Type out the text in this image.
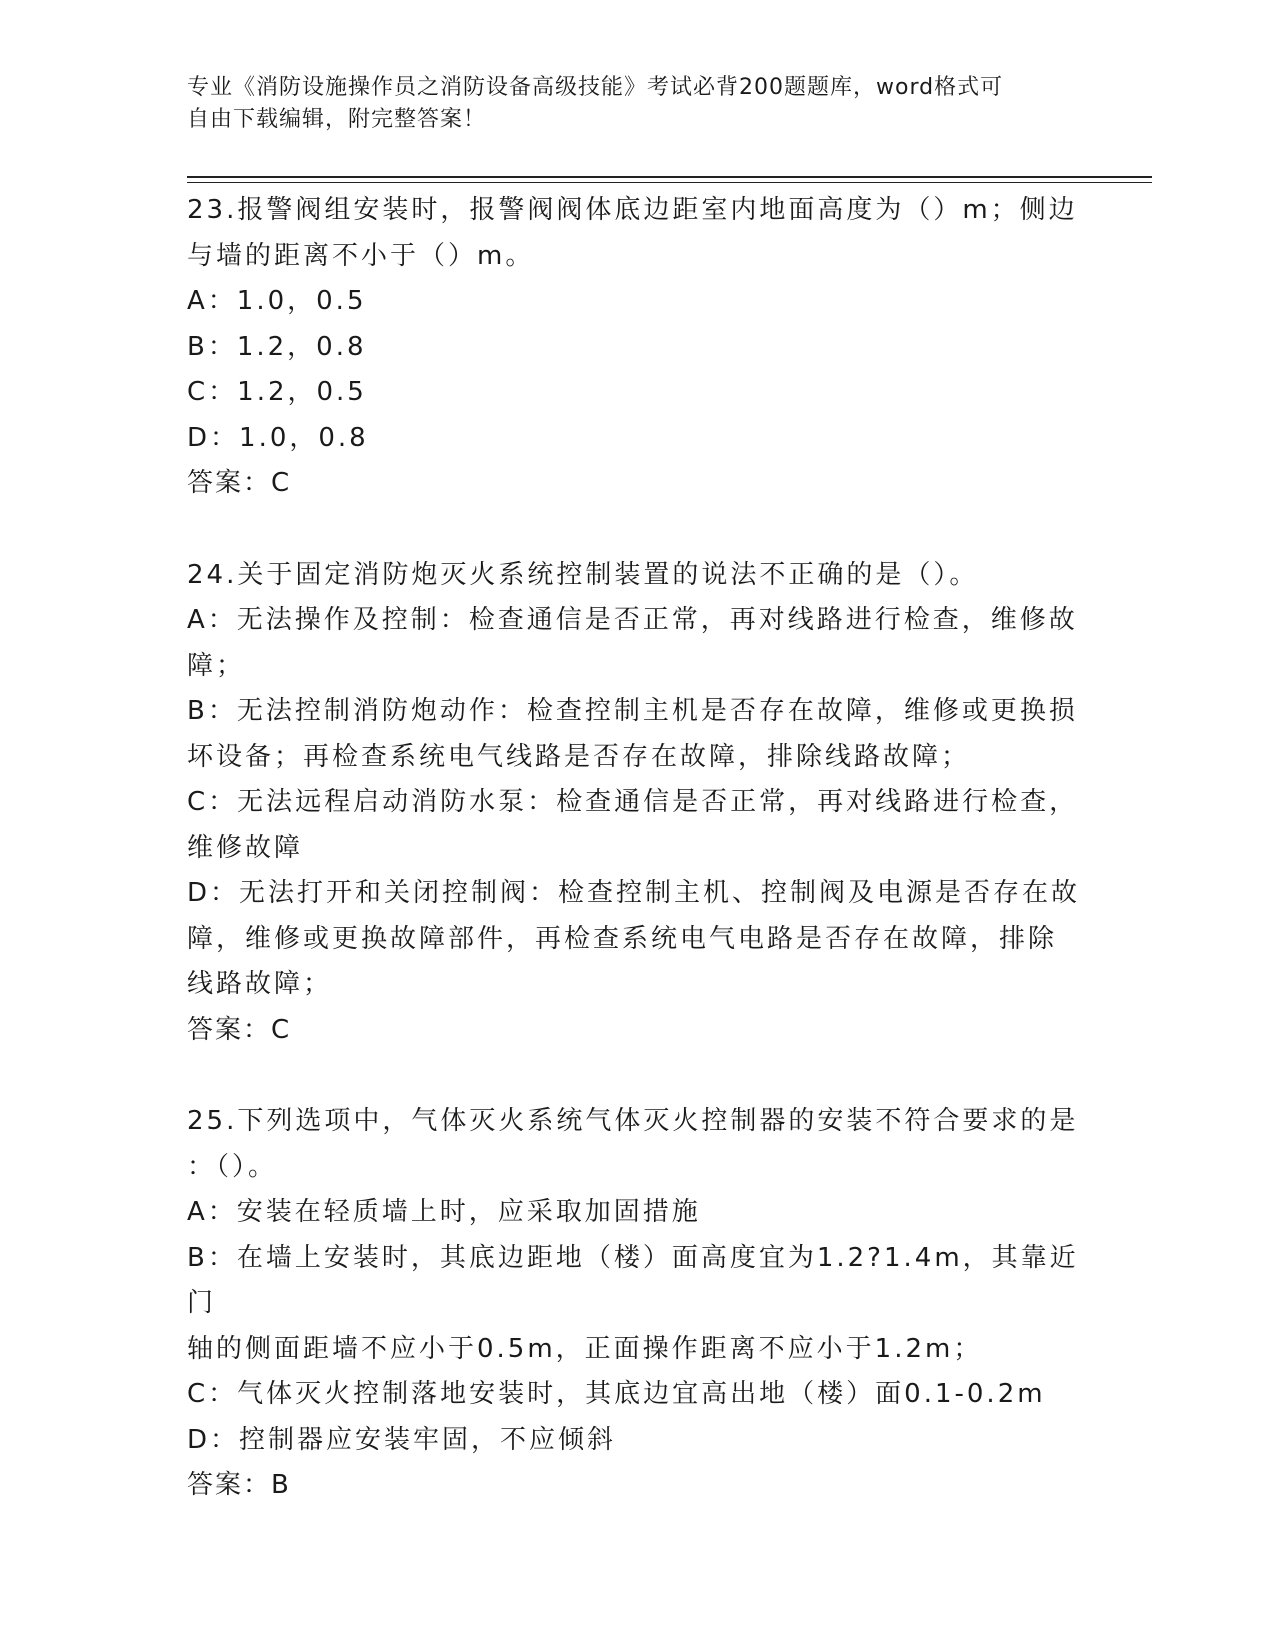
专业《消防设施操作员之消防设备高级技能》考试必背200题题库，word格式可
自由下载编辑，附完整答案！
23.报警阀组安装时，报警阀阀体底边距室内地面高度为（）m；侧边
与墙的距离不小于（）m。
A：1.0，0.5
B：1.2，0.8
C：1.2，0.5
D：1.0，0.8
答案：C
24.关于固定消防炮灭火系统控制装置的说法不正确的是（）。
A：无法操作及控制：检查通信是否正常，再对线路进行检查，维修故
障；
B：无法控制消防炮动作：检查控制主机是否存在故障，维修或更换损
坏设备；再检查系统电气线路是否存在故障，排除线路故障；
C：无法远程启动消防水泵：检查通信是否正常，再对线路进行检查，
维修故障
D：无法打开和关闭控制阀：检查控制主机、控制阀及电源是否存在故
障，维修或更换故障部件，再检查系统电气电路是否存在故障，排除
线路故障；
答案：C
25.下列选项中，气体灭火系统气体灭火控制器的安装不符合要求的是
：（）。
A：安装在轻质墙上时，应采取加固措施
B：在墙上安装时，其底边距地（楼）面高度宜为1.2?1.4m，其靠近门
轴的侧面距墙不应小于0.5m，正面操作距离不应小于1.2m；
C：气体灭火控制落地安装时，其底边宜高出地（楼）面0.1-0.2m
D：控制器应安装牢固，不应倾斜
答案：B
